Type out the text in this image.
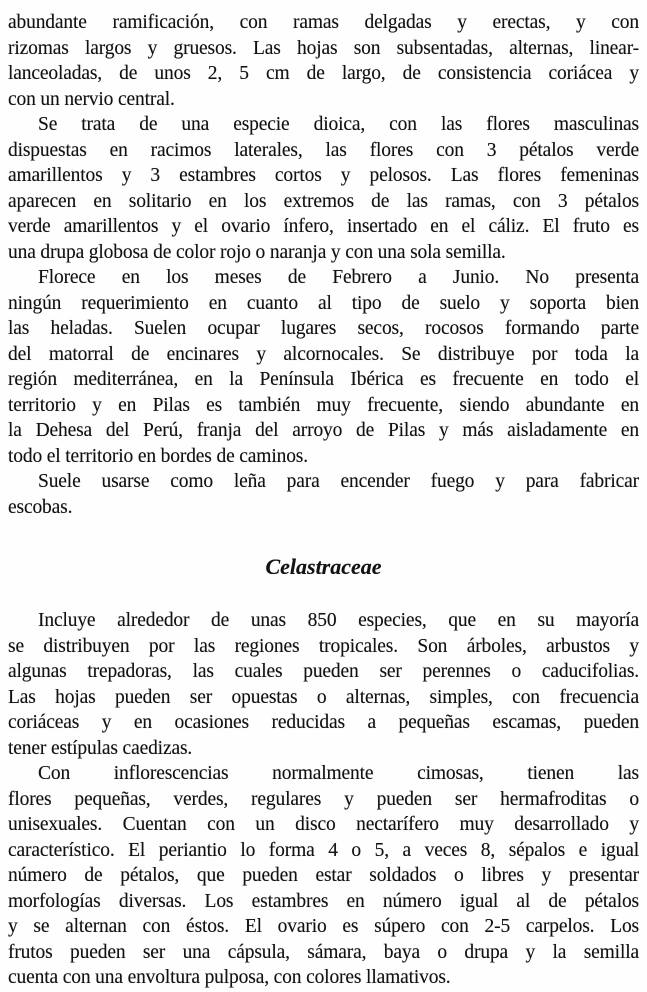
abundante ramificación, con ramas delgadas y erectas, y con
rizomas largos y gruesos. Las hojas son subsentadas, alternas, linear-
lanceoladas, de unos 2, 5 cm de largo, de consistencia coriácea y
con un nervio central.
Se trata de una especie dioica, con las flores masculinas
dispuestas en racimos laterales, las flores con 3 pétalos verde
amarillentos y 3 estambres cortos y pelosos. Las flores femeninas
aparecen en solitario en los extremos de las ramas, con 3 pétalos
verde amarillentos y el ovario ínfero, insertado en el cáliz. El fruto es
una drupa globosa de color rojo o naranja y con una sola semilla.
Florece en los meses de Febrero a Junio. No presenta
ningún requerimiento en cuanto al tipo de suelo y soporta bien
las heladas. Suelen ocupar lugares secos, rocosos formando parte
del matorral de encinares y alcornocales. Se distribuye por toda la
región mediterránea, en la Península Ibérica es frecuente en todo el
territorio y en Pilas es también muy frecuente, siendo abundante en
la Dehesa del Perú, franja del arroyo de Pilas y más aisladamente en
todo el territorio en bordes de caminos.
Suele usarse como leña para encender fuego y para fabricar
escobas.
Celastraceae
Incluye alrededor de unas 850 especies, que en su mayoría
se distribuyen por las regiones tropicales. Son árboles, arbustos y
algunas trepadoras, las cuales pueden ser perennes o caducifolias.
Las hojas pueden ser opuestas o alternas, simples, con frecuencia
coriáceas y en ocasiones reducidas a pequeñas escamas, pueden
tener estípulas caedizas.
Con inflorescencias normalmente cimosas, tienen las
flores pequeñas, verdes, regulares y pueden ser hermafroditas o
unisexuales. Cuentan con un disco nectarífero muy desarrollado y
característico. El periantio lo forma 4 o 5, a veces 8, sépalos e igual
número de pétalos, que pueden estar soldados o libres y presentar
morfologías diversas. Los estambres en número igual al de pétalos
y se alternan con éstos. El ovario es súpero con 2-5 carpelos. Los
frutos pueden ser una cápsula, sámara, baya o drupa y la semilla
cuenta con una envoltura pulposa, con colores llamativos.
